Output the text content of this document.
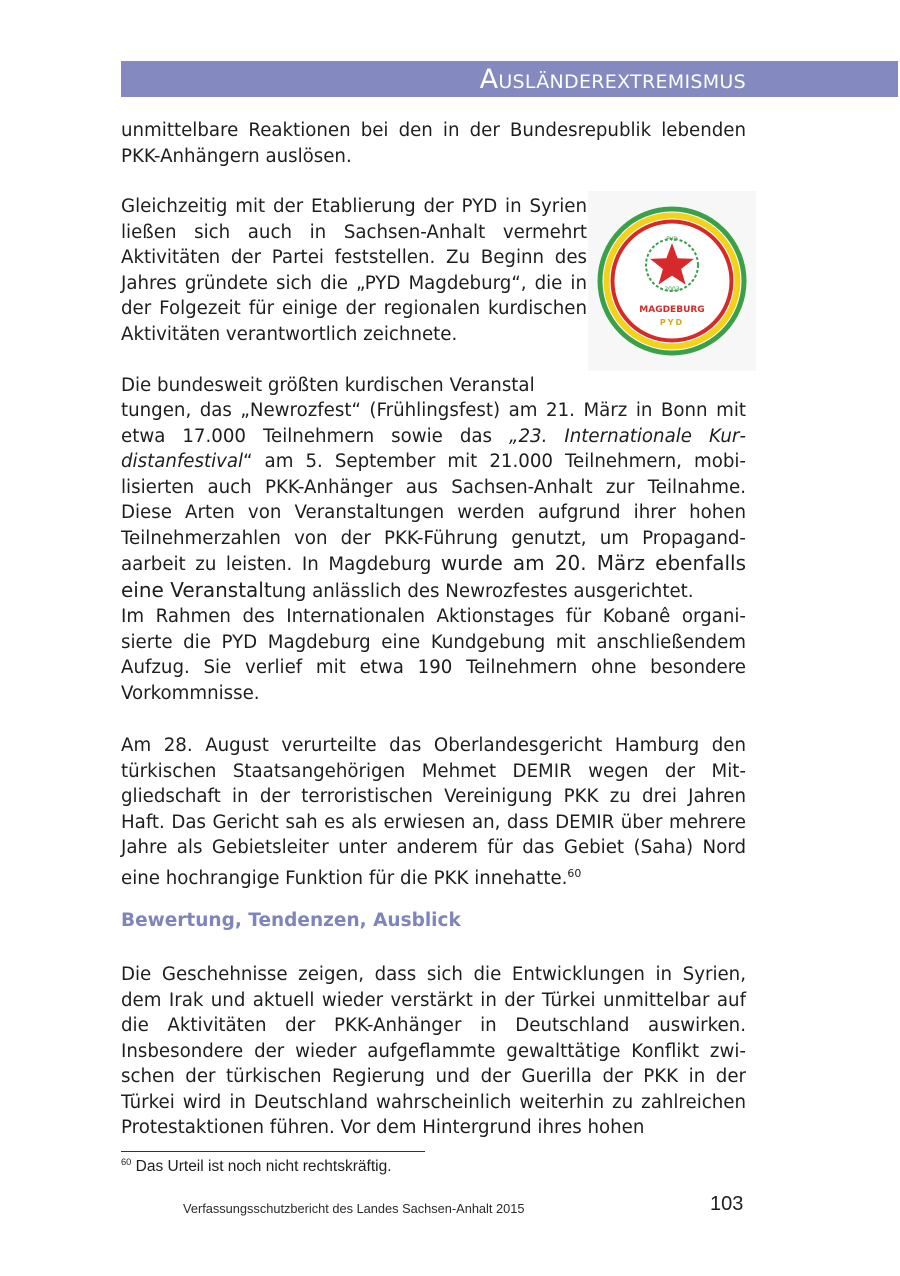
Ausländerextremismus

unmittelbare Reaktionen bei den in der Bundesrepublik lebenden PKK-Anhängern auslösen.

Gleichzeitig mit der Etablierung der PYD in Syrien ließen sich auch in Sachsen-Anhalt vermehrt Aktivitäten der Partei feststellen. Zu Beginn des Jahres gründete sich die „PYD Magdeburg“, die in der Folgezeit für einige der regionalen kurdischen Aktivitäten verantwortlich zeichnete.

PYD
2003
MAGDEBURG
PYD

Die bundesweit größten kurdischen Veranstal

tungen, das „Newrozfest“ (Frühlingsfest) am 21. März in Bonn mit etwa 17.000 Teilnehmern sowie das „23. Internationale Kurdistanfestival“ am 5. September mit 21.000 Teilnehmern, mobilisierten auch PKK-Anhänger aus Sachsen-Anhalt zur Teilnahme. Diese Arten von Veranstaltungen werden aufgrund ihrer hohen Teilnehmerzahlen von der PKK-Führung genutzt, um Propagandaarbeit zu leisten. In Magdeburg wurde am 20. März ebenfalls eine Veranstaltung anlässlich des Newrozfestes ausgerichtet.

Im Rahmen des Internationalen Aktionstages für Kobanê organisierte die PYD Magdeburg eine Kundgebung mit anschließendem Aufzug. Sie verlief mit etwa 190 Teilnehmern ohne besondere Vorkommnisse.

Am 28. August verurteilte das Oberlandesgericht Hamburg den türkischen Staatsangehörigen Mehmet DEMIR wegen der Mitgliedschaft in der terroristischen Vereinigung PKK zu drei Jahren Haft. Das Gericht sah es als erwiesen an, dass DEMIR über mehrere Jahre als Gebietsleiter unter anderem für das Gebiet (Saha) Nord eine hochrangige Funktion für die PKK innehatte.$^{60}$

Bewertung, Tendenzen, Ausblick

Die Geschehnisse zeigen, dass sich die Entwicklungen in Syrien, dem Irak und aktuell wieder verstärkt in der Türkei unmittelbar auf die Aktivitäten der PKK-Anhänger in Deutschland auswirken. Insbesondere der wieder aufgeflammte gewalttätige Konflikt zwischen der türkischen Regierung und der Guerilla der PKK in der Türkei wird in Deutschland wahrscheinlich weiterhin zu zahlreichen Protestaktionen führen. Vor dem Hintergrund ihres hohen

$^{60}$ Das Urteil ist noch nicht rechtskräftig.
Verfassungsschutzbericht des Landes Sachsen-Anhalt 2015	103
